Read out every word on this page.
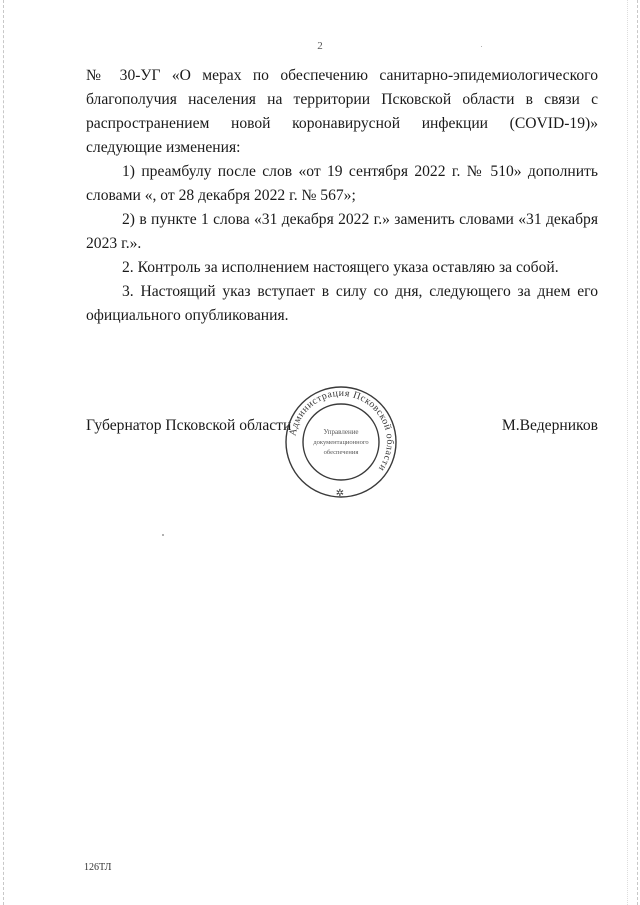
2

№ 30-УГ «О мерах по обеспечению санитарно-эпидемиологического благополучия населения на территории Псковской области в связи с распространением новой коронавирусной инфекции (COVID-19)» следующие изменения:

1) преамбулу после слов «от 19 сентября 2022 г. № 510» дополнить словами «, от 28 декабря 2022 г. № 567»;

2) в пункте 1 слова «31 декабря 2022 г.» заменить словами «31 декабря 2023 г.».

2. Контроль за исполнением настоящего указа оставляю за собой.

3. Настоящий указ вступает в силу со дня, следующего за днем его официального опубликования.

Губернатор Псковской области	М.Ведерников
Администрация Псковской области
Управление
документационного
обеспечения
✲
126ТЛ
